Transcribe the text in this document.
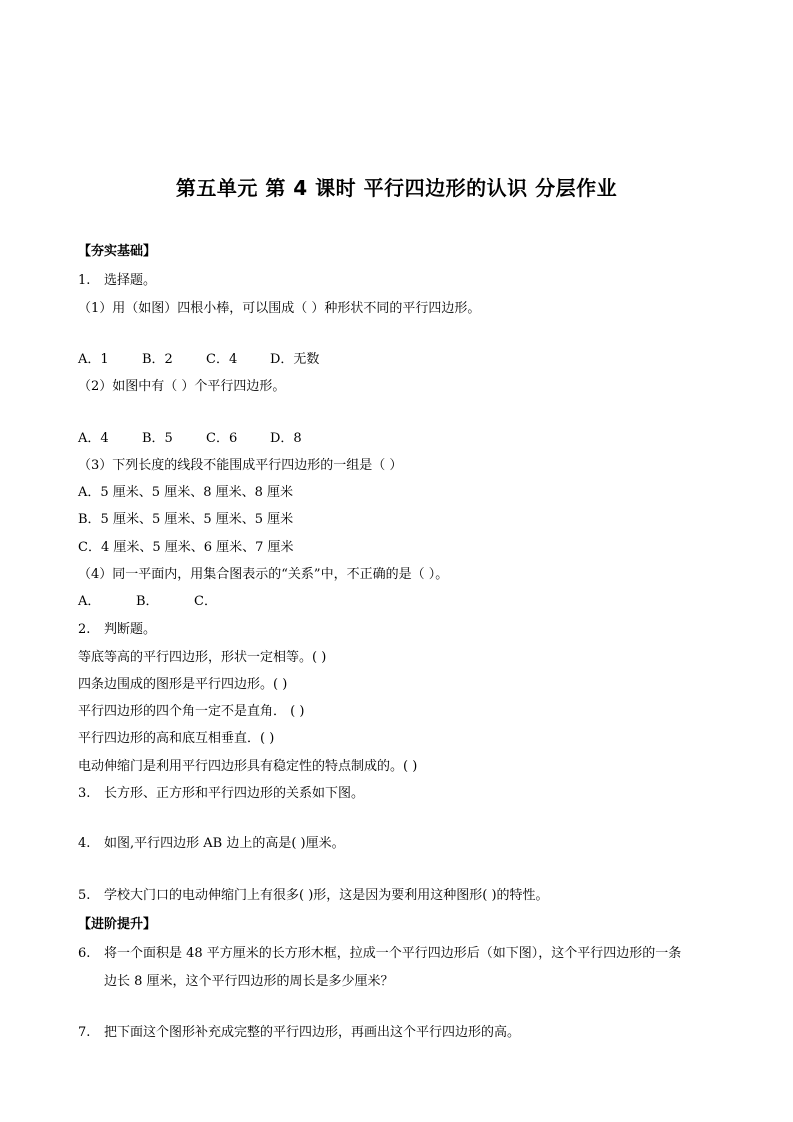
第五单元 第 4 课时 平行四边形的认识 分层作业
【夯实基础】
1. 选择题。
（1）用（如图）四根小棒，可以围成（ ）种形状不同的平行四边形。
A．1	B．2	C．4	D．无数
（2）如图中有（ ）个平行四边形。
A．4	B．5	C．6	D．8
（3）下列长度的线段不能围成平行四边形的一组是（ ）
A．5 厘米、5 厘米、8 厘米、8 厘米
B．5 厘米、5 厘米、5 厘米、5 厘米
C．4 厘米、5 厘米、6 厘米、7 厘米
（4）同一平面内，用集合图表示的“关系”中，不正确的是（ ）。
A．	B．	C．
2. 判断题。
等底等高的平行四边形，形状一定相等。( )
四条边围成的图形是平行四边形。( )
平行四边形的四个角一定不是直角． ( )
平行四边形的高和底互相垂直．( )
电动伸缩门是利用平行四边形具有稳定性的特点制成的。( )
3. 长方形、正方形和平行四边形的关系如下图。
4. 如图,平行四边形 AB 边上的高是( )厘米。
5. 学校大门口的电动伸缩门上有很多( )形，这是因为要利用这种图形( )的特性。
【进阶提升】
6. 将一个面积是 48 平方厘米的长方形木框，拉成一个平行四边形后（如下图），这个平行四边形的一条
边长 8 厘米，这个平行四边形的周长是多少厘米？
7. 把下面这个图形补充成完整的平行四边形，再画出这个平行四边形的高。
